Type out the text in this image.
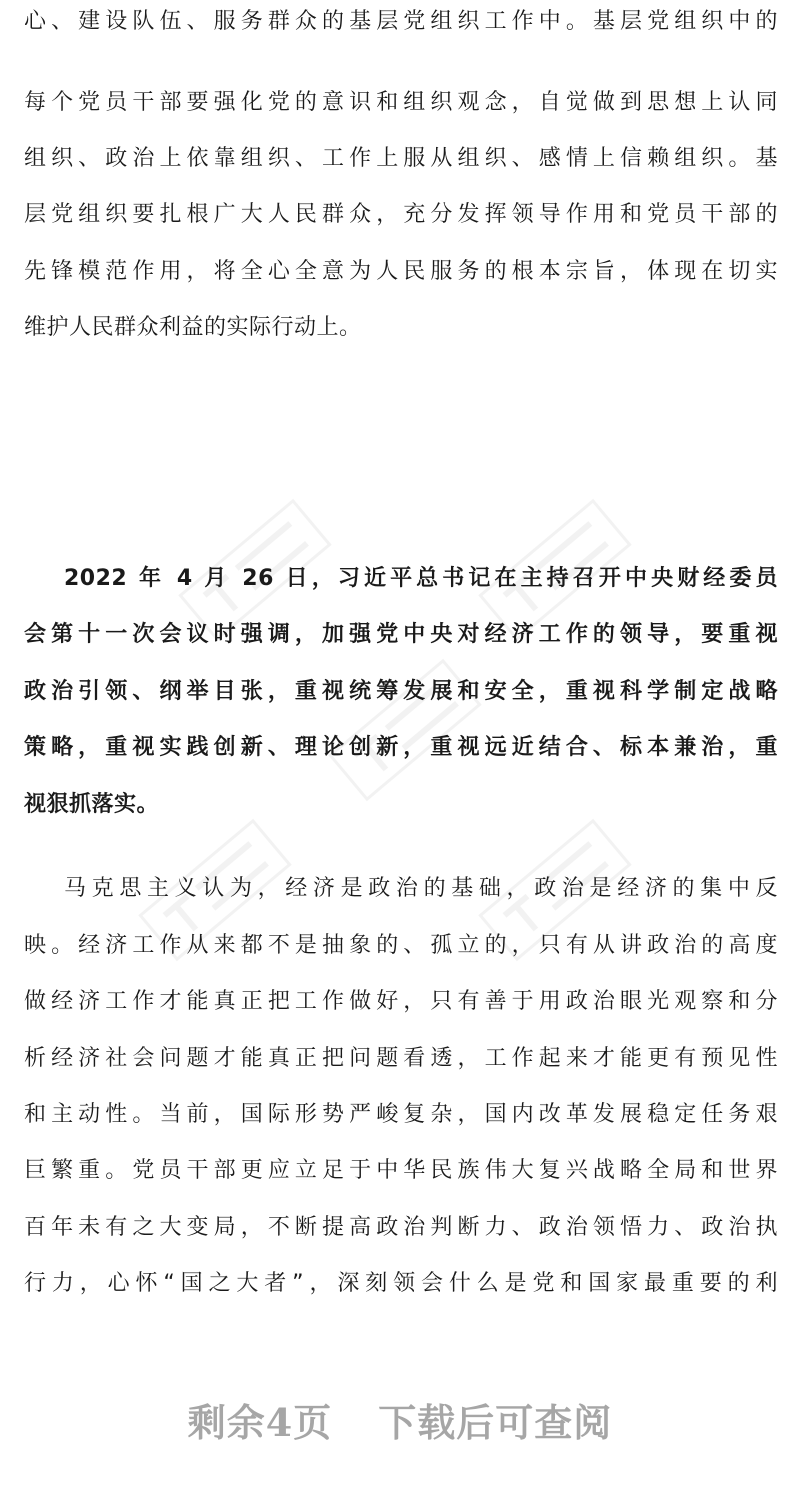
心、建设队伍、服务群众的基层党组织工作中。基层党组织中的
每个党员干部要强化党的意识和组织观念，自觉做到思想上认同
组织、政治上依靠组织、工作上服从组织、感情上信赖组织。基
层党组织要扎根广大人民群众，充分发挥领导作用和党员干部的
先锋模范作用，将全心全意为人民服务的根本宗旨，体现在切实
维护人民群众利益的实际行动上。
2022 年 4 月 26 日，习近平总书记在主持召开中央财经委员
会第十一次会议时强调，加强党中央对经济工作的领导，要重视
政治引领、纲举目张，重视统筹发展和安全，重视科学制定战略
策略，重视实践创新、理论创新，重视远近结合、标本兼治，重
视狠抓落实。
马克思主义认为，经济是政治的基础，政治是经济的集中反
映。经济工作从来都不是抽象的、孤立的，只有从讲政治的高度
做经济工作才能真正把工作做好，只有善于用政治眼光观察和分
析经济社会问题才能真正把问题看透，工作起来才能更有预见性
和主动性。当前，国际形势严峻复杂，国内改革发展稳定任务艰
巨繁重。党员干部更应立足于中华民族伟大复兴战略全局和世界
百年未有之大变局，不断提高政治判断力、政治领悟力、政治执
行力，心怀“国之大者”，深刻领会什么是党和国家最重要的利
剩余4页 下载后可查阅
